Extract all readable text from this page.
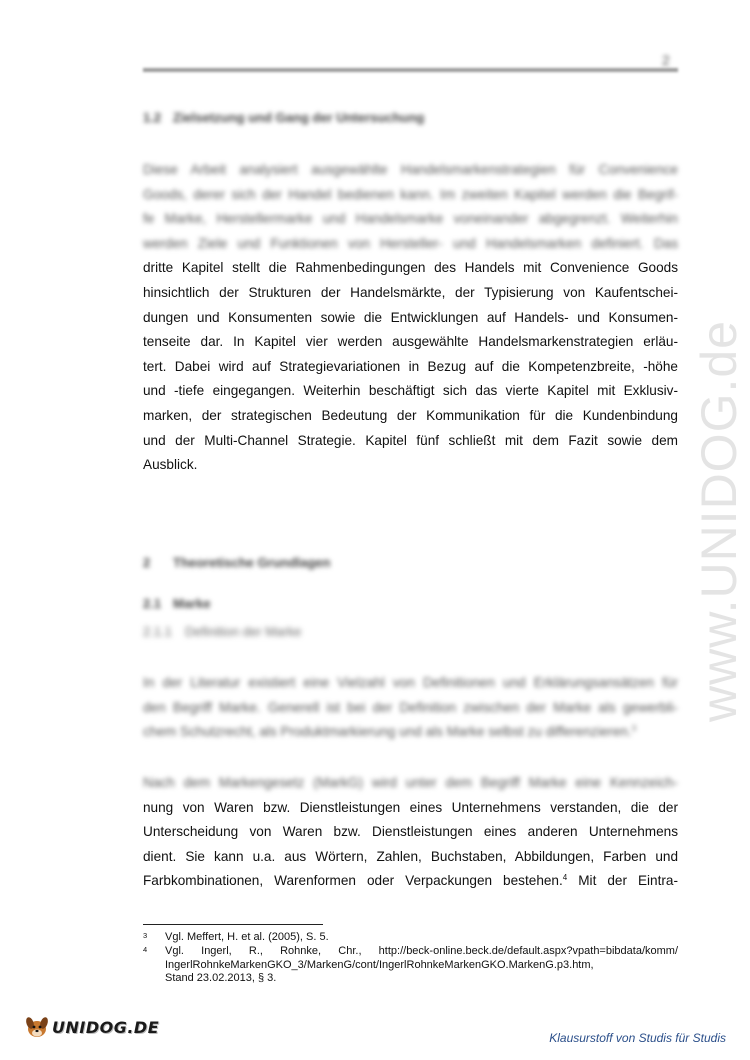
www.UNIDOG.de
2
1.2 Zielsetzung und Gang der Untersuchung
Diese Arbeit analysiert ausgewählte Handelsmarkenstrategien für Convenience
Goods, derer sich der Handel bedienen kann. Im zweiten Kapitel werden die Begrif-
fe Marke, Herstellermarke und Handelsmarke voneinander abgegrenzt. Weiterhin
werden Ziele und Funktionen von Hersteller- und Handelsmarken definiert. Das
dritte Kapitel stellt die Rahmenbedingungen des Handels mit Convenience Goods
hinsichtlich der Strukturen der Handelsmärkte, der Typisierung von Kaufentschei-
dungen und Konsumenten sowie die Entwicklungen auf Handels- und Konsumen-
tenseite dar. In Kapitel vier werden ausgewählte Handelsmarkenstrategien erläu-
tert. Dabei wird auf Strategievariationen in Bezug auf die Kompetenzbreite, -höhe
und -tiefe eingegangen. Weiterhin beschäftigt sich das vierte Kapitel mit Exklusiv-
marken, der strategischen Bedeutung der Kommunikation für die Kundenbindung
und der Multi-Channel Strategie. Kapitel fünf schließt mit dem Fazit sowie dem
Ausblick.
2 Theoretische Grundlagen
2.1 Marke
2.1.1 Definition der Marke
In der Literatur existiert eine Vielzahl von Definitionen und Erklärungsansätzen für
den Begriff Marke. Generell ist bei der Definition zwischen der Marke als gewerbli-
chem Schutzrecht, als Produktmarkierung und als Marke selbst zu differenzieren.$^3$
Nach dem Markengesetz (MarkG) wird unter dem Begriff Marke eine Kennzeich-
nung von Waren bzw. Dienstleistungen eines Unternehmens verstanden, die der
Unterscheidung von Waren bzw. Dienstleistungen eines anderen Unternehmens
dient. Sie kann u.a. aus Wörtern, Zahlen, Buchstaben, Abbildungen, Farben und
Farbkombinationen, Warenformen oder Verpackungen bestehen.$^4$ Mit der Eintra-
3	Vgl. Meffert, H. et al. (2005), S. 5.
4	Vgl. Ingerl, R., Rohnke, Chr., http://beck-online.beck.de/default.aspx?vpath=bibdata/komm/
IngerlRohnkeMarkenGKO_3/MarkenG/cont/IngerlRohnkeMarkenGKO.MarkenG.p3.htm,
Stand 23.02.2013, § 3.
UNIDOG.DE
Klausurstoff von Studis für Studis
